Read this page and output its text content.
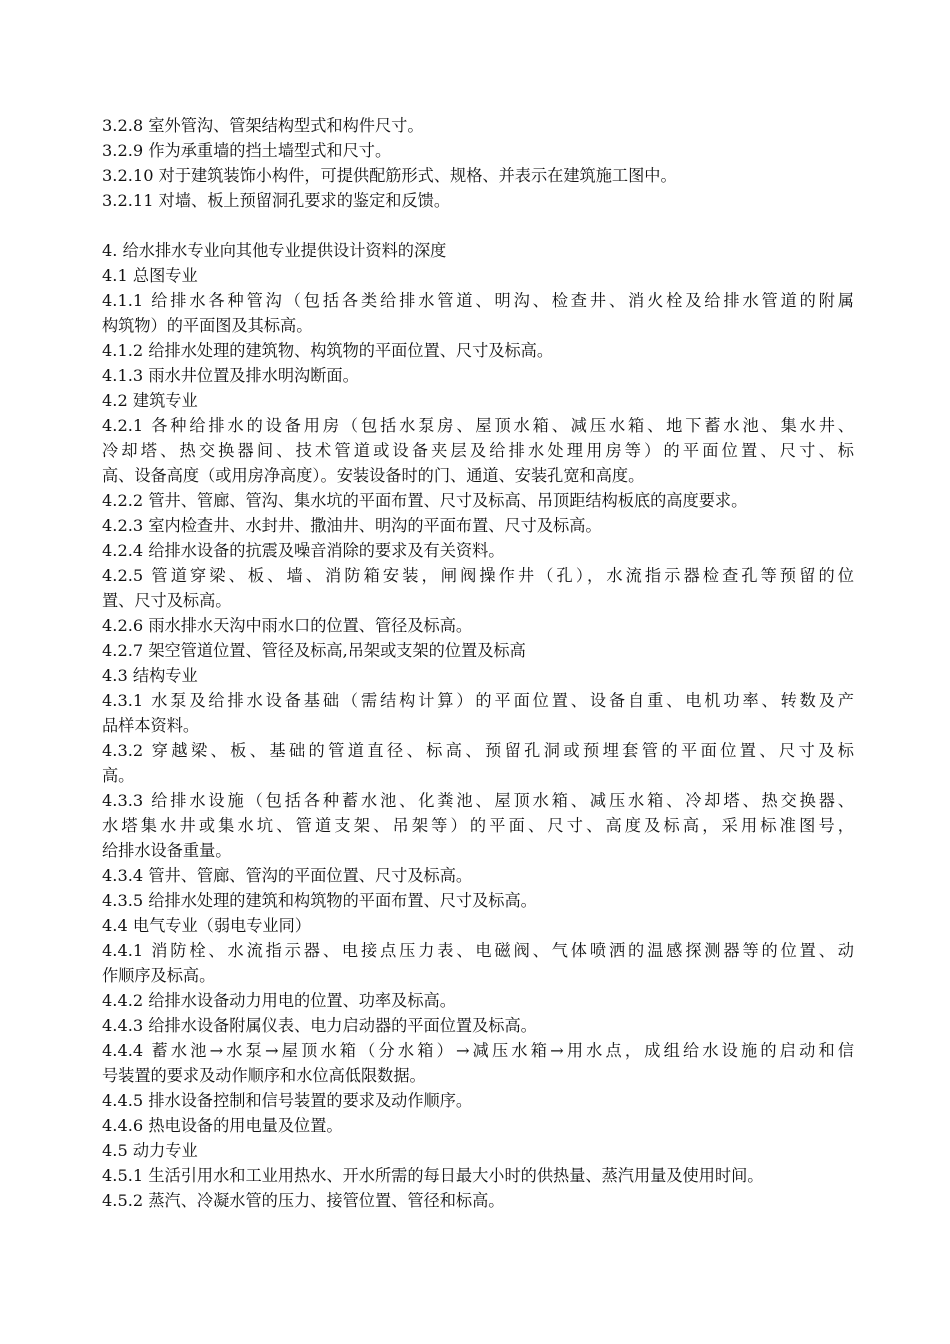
3.2.8 室外管沟、管架结构型式和构件尺寸。
3.2.9 作为承重墙的挡土墙型式和尺寸。
3.2.10 对于建筑装饰小构件，可提供配筋形式、规格、并表示在建筑施工图中。
3.2.11 对墙、板上预留洞孔要求的鉴定和反馈。
4. 给水排水专业向其他专业提供设计资料的深度
4.1 总图专业
4.1.1 给排水各种管沟（包括各类给排水管道、明沟、检查井、消火栓及给排水管道的附属
构筑物）的平面图及其标高。
4.1.2 给排水处理的建筑物、构筑物的平面位置、尺寸及标高。
4.1.3 雨水井位置及排水明沟断面。
4.2 建筑专业
4.2.1 各种给排水的设备用房（包括水泵房、屋顶水箱、减压水箱、地下蓄水池、集水井、
冷却塔、热交换器间、技术管道或设备夹层及给排水处理用房等）的平面位置、尺寸、标
高、设备高度（或用房净高度）。安装设备时的门、通道、安装孔宽和高度。
4.2.2 管井、管廊、管沟、集水坑的平面布置、尺寸及标高、吊顶距结构板底的高度要求。
4.2.3 室内检查井、水封井、撒油井、明沟的平面布置、尺寸及标高。
4.2.4 给排水设备的抗震及噪音消除的要求及有关资料。
4.2.5 管道穿梁、板、墙、消防箱安装，闸阀操作井（孔），水流指示器检查孔等预留的位
置、尺寸及标高。
4.2.6 雨水排水天沟中雨水口的位置、管径及标高。
4.2.7 架空管道位置、管径及标高,吊架或支架的位置及标高
4.3 结构专业
4.3.1 水泵及给排水设备基础（需结构计算）的平面位置、设备自重、电机功率、转数及产
品样本资料。
4.3.2 穿越梁、板、基础的管道直径、标高、预留孔洞或预埋套管的平面位置、尺寸及标
高。
4.3.3 给排水设施（包括各种蓄水池、化粪池、屋顶水箱、减压水箱、冷却塔、热交换器、
水塔集水井或集水坑、管道支架、吊架等）的平面、尺寸、高度及标高，采用标准图号，
给排水设备重量。
4.3.4 管井、管廊、管沟的平面位置、尺寸及标高。
4.3.5 给排水处理的建筑和构筑物的平面布置、尺寸及标高。
4.4 电气专业（弱电专业同）
4.4.1 消防栓、水流指示器、电接点压力表、电磁阀、气体喷洒的温感探测器等的位置、动
作顺序及标高。
4.4.2 给排水设备动力用电的位置、功率及标高。
4.4.3 给排水设备附属仪表、电力启动器的平面位置及标高。
4.4.4 蓄水池→水泵→屋顶水箱（分水箱）→减压水箱→用水点，成组给水设施的启动和信
号装置的要求及动作顺序和水位高低限数据。
4.4.5 排水设备控制和信号装置的要求及动作顺序。
4.4.6 热电设备的用电量及位置。
4.5 动力专业
4.5.1 生活引用水和工业用热水、开水所需的每日最大小时的供热量、蒸汽用量及使用时间。
4.5.2 蒸汽、冷凝水管的压力、接管位置、管径和标高。
